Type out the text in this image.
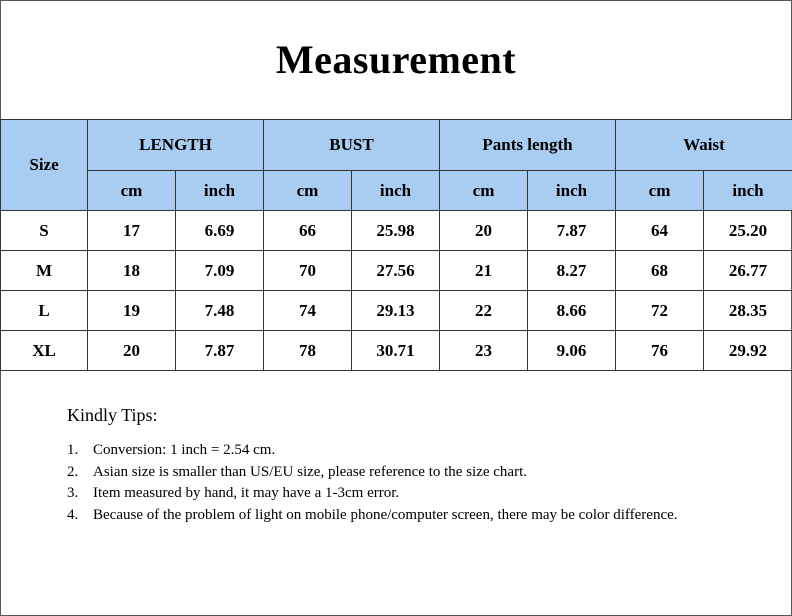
Measurement
Size	LENGTH		BUST		Pants length		Waist	
	cm	inch	cm	inch	cm	inch	cm	inch
S	17	6.69	66	25.98	20	7.87	64	25.20
M	18	7.09	70	27.56	21	8.27	68	26.77
L	19	7.48	74	29.13	22	8.66	72	28.35
XL	20	7.87	78	30.71	23	9.06	76	29.92
Kindly Tips:
1. Conversion: 1 inch = 2.54 cm.
2. Asian size is smaller than US/EU size, please reference to the size chart.
3. Item measured by hand, it may have a 1-3cm error.
4. Because of the problem of light on mobile phone/computer screen, there may be color difference.
